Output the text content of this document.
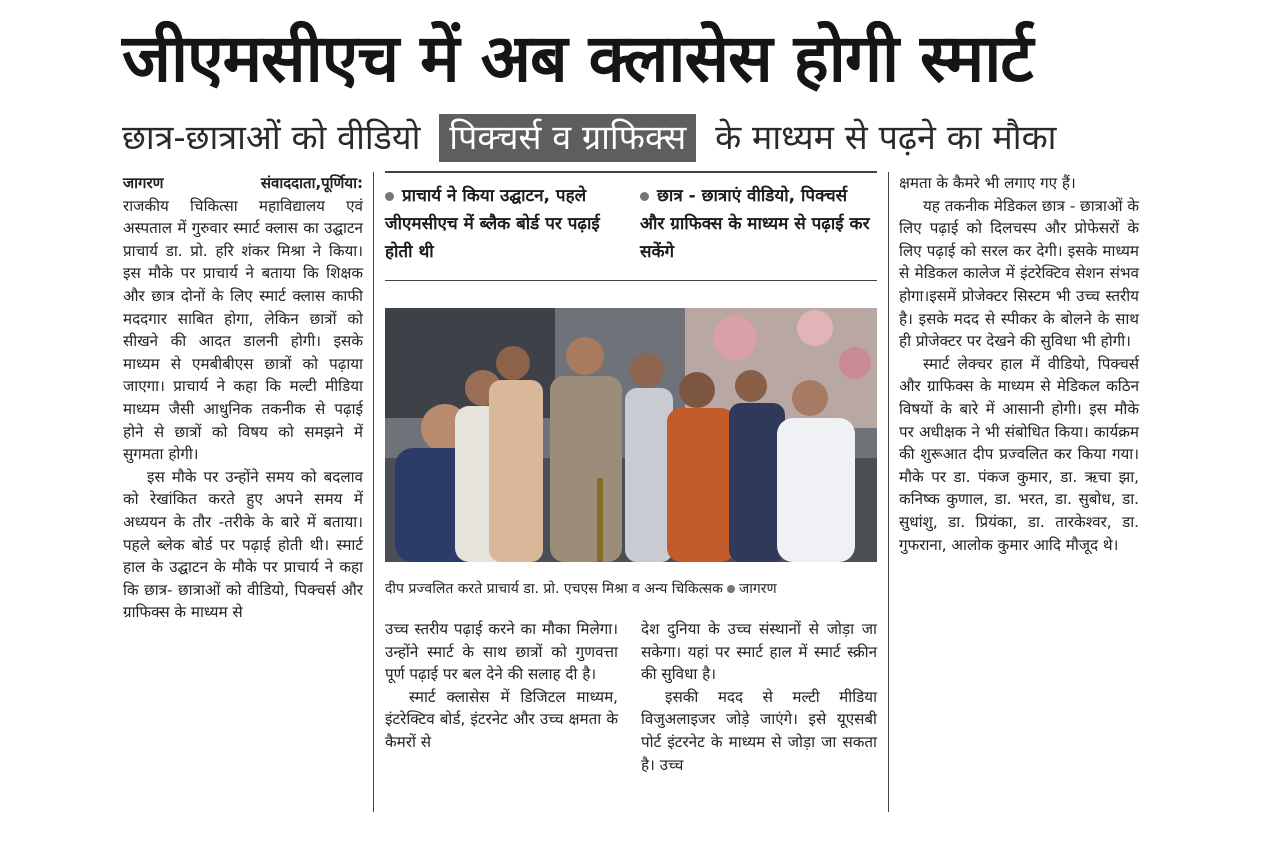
जीएमसीएच में अब क्लासेस होगी स्मार्ट
छात्र-छात्राओं को वीडियो पिक्चर्स व ग्राफिक्स के माध्यम से पढ़ने का मौका
जागरण	संवाददाता,पूर्णिया:

राजकीय चिकित्सा महाविद्यालय एवं अस्पताल में गुरुवार स्मार्ट क्लास का उद्घाटन प्राचार्य डा. प्रो. हरि शंकर मिश्रा ने किया। इस मौके पर प्राचार्य ने बताया कि शिक्षक और छात्र दोनों के लिए स्मार्ट क्लास काफी मददगार साबित होगा, लेकिन छात्रों को सीखने की आदत डालनी होगी। इसके माध्यम से एमबीबीएस छात्रों को पढ़ाया जाएगा। प्राचार्य ने कहा कि मल्टी मीडिया माध्यम जैसी आधुनिक तकनीक से पढ़ाई होने से छात्रों को विषय को समझने में सुगमता होगी।

इस मौके पर उन्होंने समय को बदलाव को रेखांकित करते हुए अपने समय में अध्ययन के तौर -तरीके के बारे में बताया। पहले ब्लेक बोर्ड पर पढ़ाई होती थी। स्मार्ट हाल के उद्घाटन के मौके पर प्राचार्य ने कहा कि छात्र- छात्राओं को वीडियो, पिक्चर्स और ग्राफिक्स के माध्यम से

प्राचार्य ने किया उद्घाटन, पहले जीएमसीएच में ब्लैक बोर्ड पर पढ़ाई होती थी
छात्र - छात्राएं वीडियो, पिक्चर्स और ग्राफिक्स के माध्यम से पढ़ाई कर सकेंगे
दीप प्रज्वलित करते प्राचार्य डा. प्रो. एचएस मिश्रा व अन्य चिकित्सक जागरण

उच्च स्तरीय पढ़ाई करने का मौका मिलेगा।उन्होंने स्मार्ट के साथ छात्रों को गुणवत्ता पूर्ण पढ़ाई पर बल देने की सलाह दी है।

स्मार्ट क्लासेस में डिजिटल माध्यम, इंटरेक्टिव बोर्ड, इंटरनेट और उच्च क्षमता के कैमरों से

देश दुनिया के उच्च संस्थानों से जोड़ा जा सकेगा। यहां पर स्मार्ट हाल में स्मार्ट स्क्रीन की सुविधा है।

इसकी मदद से मल्टी मीडिया विजुअलाइजर जोड़े जाएंगे। इसे यूएसबी पोर्ट इंटरनेट के माध्यम से जोड़ा जा सकता है। उच्च

क्षमता के कैमरे भी लगाए गए हैं।

यह तकनीक मेडिकल छात्र - छात्राओं के लिए पढ़ाई को दिलचस्प और प्रोफेसरों के लिए पढ़ाई को सरल कर देगी। इसके माध्यम से मेडिकल कालेज में इंटरेक्टिव सेशन संभव होगा।इसमें प्रोजेक्टर सिस्टम भी उच्च स्तरीय है। इसके मदद से स्पीकर के बोलने के साथ ही प्रोजेक्टर पर देखने की सुविधा भी होगी।

स्मार्ट लेक्चर हाल में वीडियो, पिक्चर्स और ग्राफिक्स के माध्यम से मेडिकल कठिन विषयों के बारे में आसानी होगी। इस मौके पर अधीक्षक ने भी संबोधित किया। कार्यक्रम की शुरूआत दीप प्रज्वलित कर किया गया। मौके पर डा. पंकज कुमार, डा. ऋचा झा, कनिष्क कुणाल, डा. भरत, डा. सुबोध, डा. सुधांशु, डा. प्रियंका, डा. तारकेश्वर, डा. गुफराना, आलोक कुमार आदि मौजूद थे।
